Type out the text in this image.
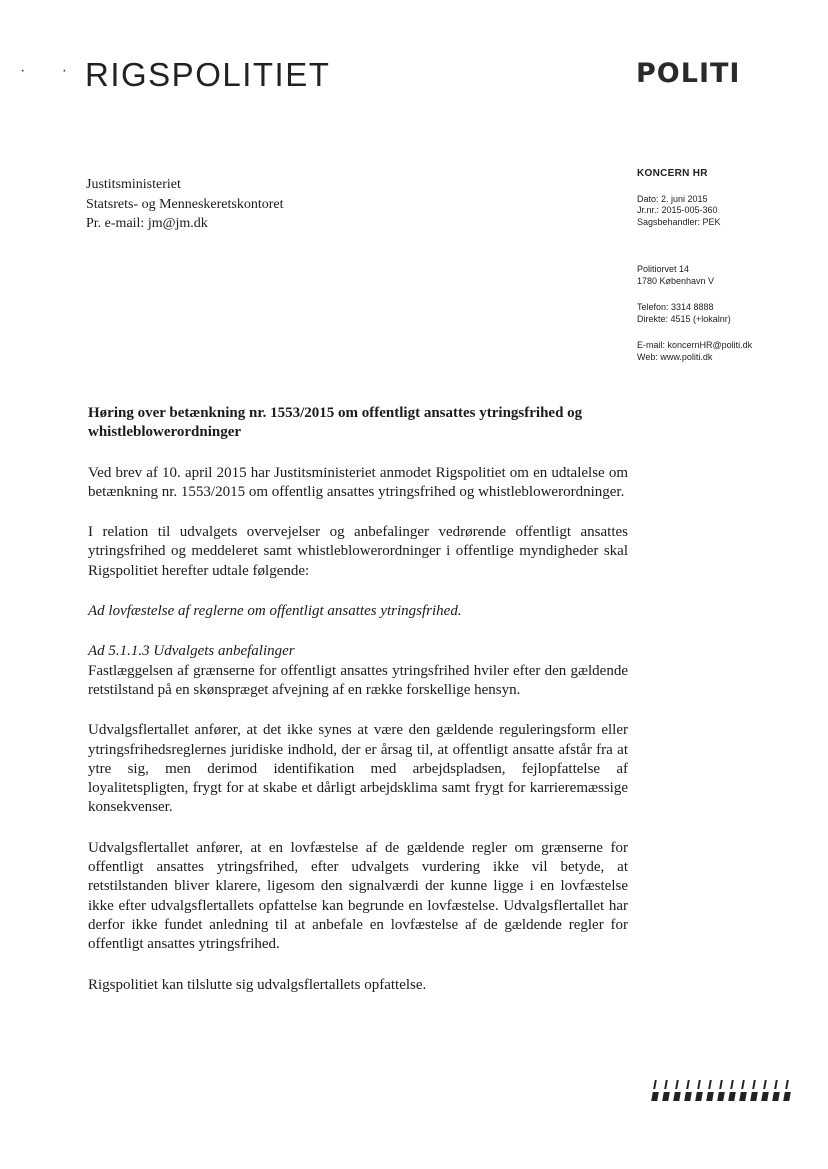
· · RIGSPOLITIET	POLITI
Justitsministeriet
Statsrets- og Menneskeretskontoret
Pr. e-mail: jm@jm.dk
KONCERN HR
Dato: 2. juni 2015
Jr.nr.: 2015-005-360
Sagsbehandler: PEK
Politiorvet 14
1780 København V
Telefon: 3314 8888
Direkte: 4515 (+lokalnr)
E-mail: koncernHR@politi.dk
Web: www.politi.dk
Høring over betænkning nr. 1553/2015 om offentligt ansattes ytringsfrihed og whistleblowerordninger
Ved brev af 10. april 2015 har Justitsministeriet anmodet Rigspolitiet om en udtalelse om betænkning nr. 1553/2015 om offentlig ansattes ytringsfrihed og whistleblowerordninger.
I relation til udvalgets overvejelser og anbefalinger vedrørende offentligt ansattes ytringsfrihed og meddeleret samt whistleblowerordninger i offentlige myndigheder skal Rigspolitiet herefter udtale følgende:
Ad lovfæstelse af reglerne om offentligt ansattes ytringsfrihed.
Ad 5.1.1.3 Udvalgets anbefalinger
Fastlæggelsen af grænserne for offentligt ansattes ytringsfrihed hviler efter den gældende retstilstand på en skønspræget afvejning af en række forskellige hensyn.
Udvalgsflertallet anfører, at det ikke synes at være den gældende reguleringsform eller ytringsfrihedsreglernes juridiske indhold, der er årsag til, at offentligt ansatte afstår fra at ytre sig, men derimod identifikation med arbejdspladsen, fejlopfattelse af loyalitetspligten, frygt for at skabe et dårligt arbejdsklima samt frygt for karrieremæssige konsekvenser.
Udvalgsflertallet anfører, at en lovfæstelse af de gældende regler om grænserne for offentligt ansattes ytringsfrihed, efter udvalgets vurdering ikke vil betyde, at retstilstanden bliver klarere, ligesom den signalværdi der kunne ligge i en lovfæstelse ikke efter udvalgsflertallets opfattelse kan begrunde en lovfæstelse. Udvalgsflertallet har derfor ikke fundet anledning til at anbefale en lovfæstelse af de gældende regler for offentligt ansattes ytringsfrihed.
Rigspolitiet kan tilslutte sig udvalgsflertallets opfattelse.
